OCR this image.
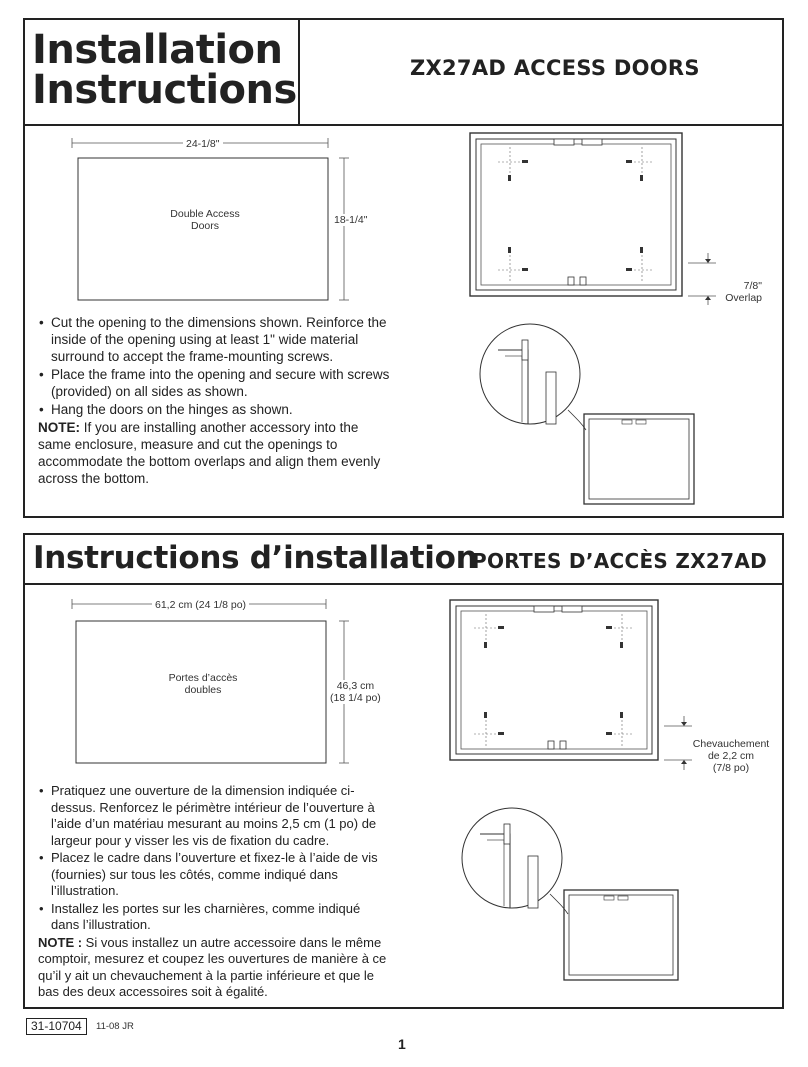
Installation
Instructions	ZX27AD ACCESS DOORS
24-1/8"
18-1/4"
Double Access
Doors
7/8"
Overlap
• Cut the opening to the dimensions shown. Reinforce the inside of the opening using at least 1" wide material surround to accept the frame-mounting screws.
• Place the frame into the opening and secure with screws (provided) on all sides as shown.
• Hang the doors on the hinges as shown.
NOTE: If you are installing another accessory into the same enclosure, measure and cut the openings to accommodate the bottom overlaps and align them evenly across the bottom.
Instructions d’installation
PORTES D’ACCÈS ZX27AD
61,2 cm (24 1/8 po)
46,3 cm
(18 1/4 po)
Portes d’accès
doubles
Chevauchement
de 2,2 cm
(7/8 po)
• Pratiquez une ouverture de la dimension indiquée ci-dessus. Renforcez le périmètre intérieur de l’ouverture à l’aide d’un matériau mesurant au moins 2,5 cm (1 po) de largeur pour y visser les vis de fixation du cadre.
• Placez le cadre dans l’ouverture et fixez-le à l’aide de vis (fournies) sur tous les côtés, comme indiqué dans l’illustration.
• Installez les portes sur les charnières, comme indiqué dans l’illustration.
NOTE : Si vous installez un autre accessoire dans le même comptoir, mesurez et coupez les ouvertures de manière à ce qu’il y ait un chevauchement à la partie inférieure et que le bas des deux accessoires soit à égalité.
31-10704	11-08 JR
1
